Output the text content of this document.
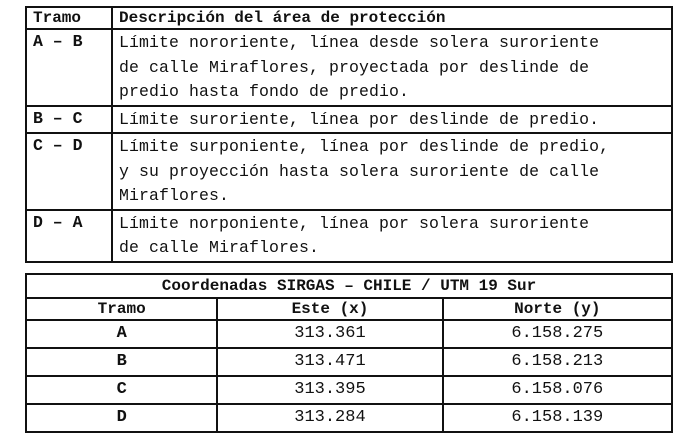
Tramo	Descripción del área de protección
A – B	Límite nororiente, línea desde solera suroriente
de calle Miraflores, proyectada por deslinde de
predio hasta fondo de predio.

B – C	Límite suroriente, línea por deslinde de predio.

C – D	Límite surponiente, línea por deslinde de predio,
y su proyección hasta solera suroriente de calle
Miraflores.

D – A	Límite norponiente, línea por solera suroriente
de calle Miraflores.
Coordenadas SIRGAS – CHILE / UTM 19 Sur		
Tramo	Este (x)	Norte (y)
A	313.361	6.158.275
B	313.471	6.158.213
C	313.395	6.158.076
D	313.284	6.158.139
